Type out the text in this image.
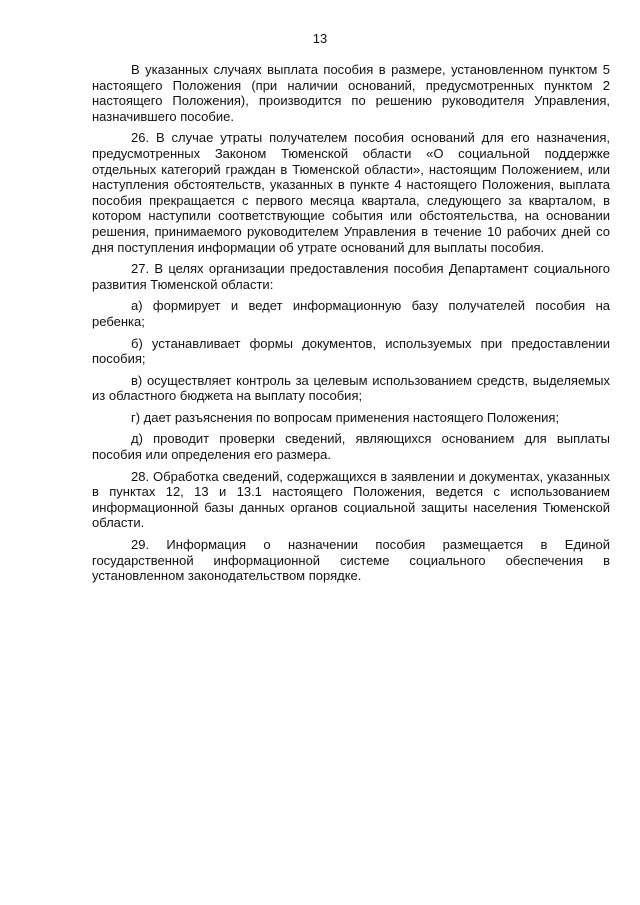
13

В указанных случаях выплата пособия в размере, установленном пунктом 5 настоящего Положения (при наличии оснований, предусмотренных пунктом 2 настоящего Положения), производится по решению руководителя Управления, назначившего пособие.

26. В случае утраты получателем пособия оснований для его назначения, предусмотренных Законом Тюменской области «О социальной поддержке отдельных категорий граждан в Тюменской области», настоящим Положением, или наступления обстоятельств, указанных в пункте 4 настоящего Положения, выплата пособия прекращается с первого месяца квартала, следующего за кварталом, в котором наступили соответствующие события или обстоятельства, на основании решения, принимаемого руководителем Управления в течение 10 рабочих дней со дня поступления информации об утрате оснований для выплаты пособия.

27. В целях организации предоставления пособия Департамент социального развития Тюменской области:

а) формирует и ведет информационную базу получателей пособия на ребенка;

б) устанавливает формы документов, используемых при предоставлении пособия;

в) осуществляет контроль за целевым использованием средств, выделяемых из областного бюджета на выплату пособия;

г) дает разъяснения по вопросам применения настоящего Положения;

д) проводит проверки сведений, являющихся основанием для выплаты пособия или определения его размера.

28. Обработка сведений, содержащихся в заявлении и документах, указанных в пунктах 12, 13 и 13.1 настоящего Положения, ведется с использованием информационной базы данных органов социальной защиты населения Тюменской области.

29. Информация о назначении пособия размещается в Единой государственной информационной системе социального обеспечения в установленном законодательством порядке.
